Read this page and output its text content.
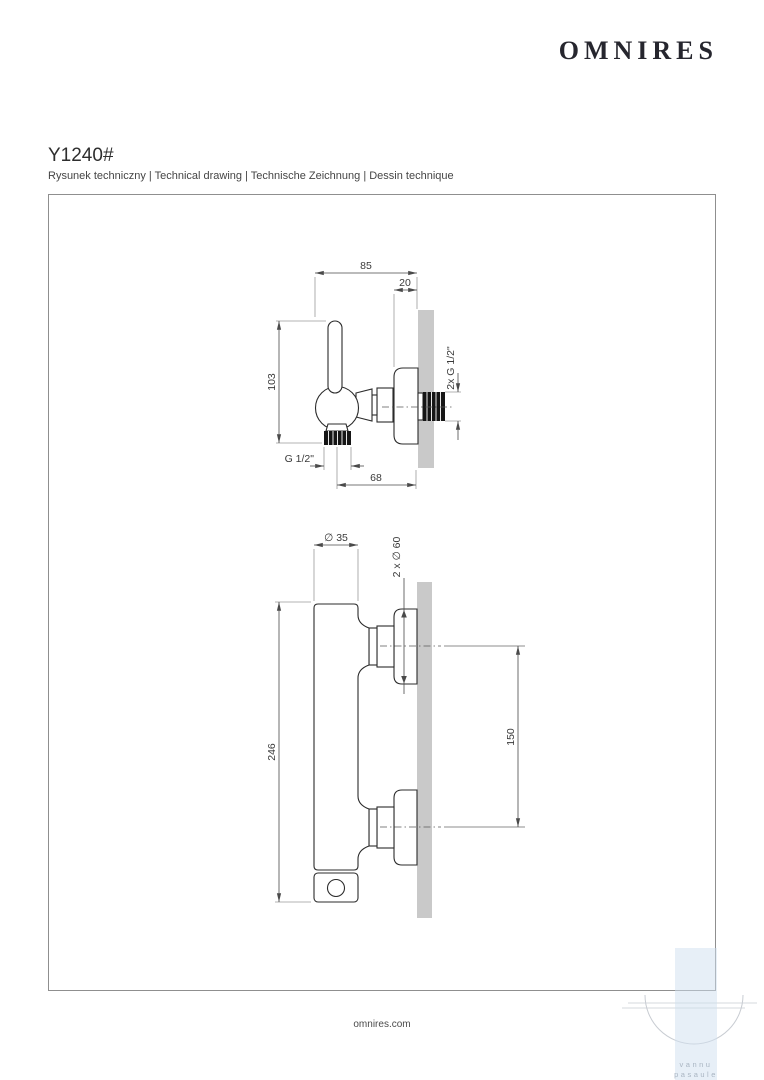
OMNIRES
Y1240#
Rysunek techniczny | Technical drawing | Technische Zeichnung | Dessin technique
85
20
103	2x G 1/2"
G 1/2"
68
∅ 35	2 x ∅ 60
246
150
omnires.com
vannu
pasaule
